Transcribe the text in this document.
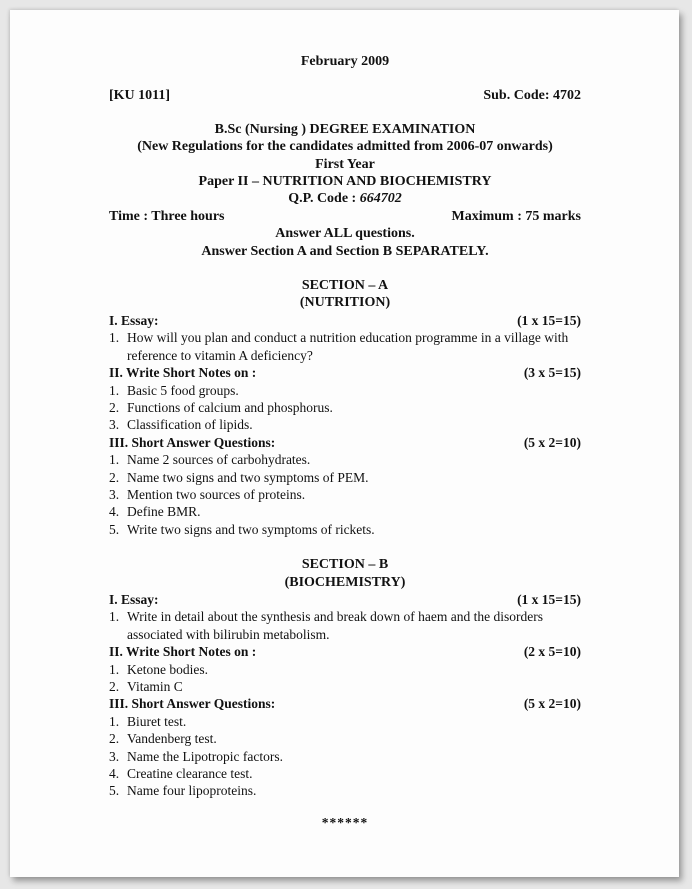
February 2009
[KU 1011]	Sub. Code: 4702
B.Sc (Nursing ) DEGREE EXAMINATION
(New Regulations for the candidates admitted from 2006-07 onwards)
First Year
Paper II – NUTRITION AND BIOCHEMISTRY
Q.P. Code : 664702
Time : Three hours	Maximum : 75 marks
Answer ALL questions.
Answer Section A and Section B SEPARATELY.
SECTION – A
(NUTRITION)
I. Essay:	(1 x 15=15)
1. How will you plan and conduct a nutrition education programme in a village with reference to vitamin A deficiency?
II. Write Short Notes on :	(3 x 5=15)
1. Basic 5 food groups.
2. Functions of calcium and phosphorus.
3. Classification of lipids.
III. Short Answer Questions:	(5 x 2=10)
1. Name 2 sources of carbohydrates.
2. Name two signs and two symptoms of PEM.
3. Mention two sources of proteins.
4. Define BMR.
5. Write two signs and two symptoms of rickets.
SECTION – B
(BIOCHEMISTRY)
I. Essay:	(1 x 15=15)
1. Write in detail about the synthesis and break down of haem and the disorders associated with bilirubin metabolism.
II. Write Short Notes on :	(2 x 5=10)
1. Ketone bodies.
2. Vitamin C
III. Short Answer Questions:	(5 x 2=10)
1. Biuret test.
2. Vandenberg test.
3. Name the Lipotropic factors.
4. Creatine clearance test.
5. Name four lipoproteins.
******
